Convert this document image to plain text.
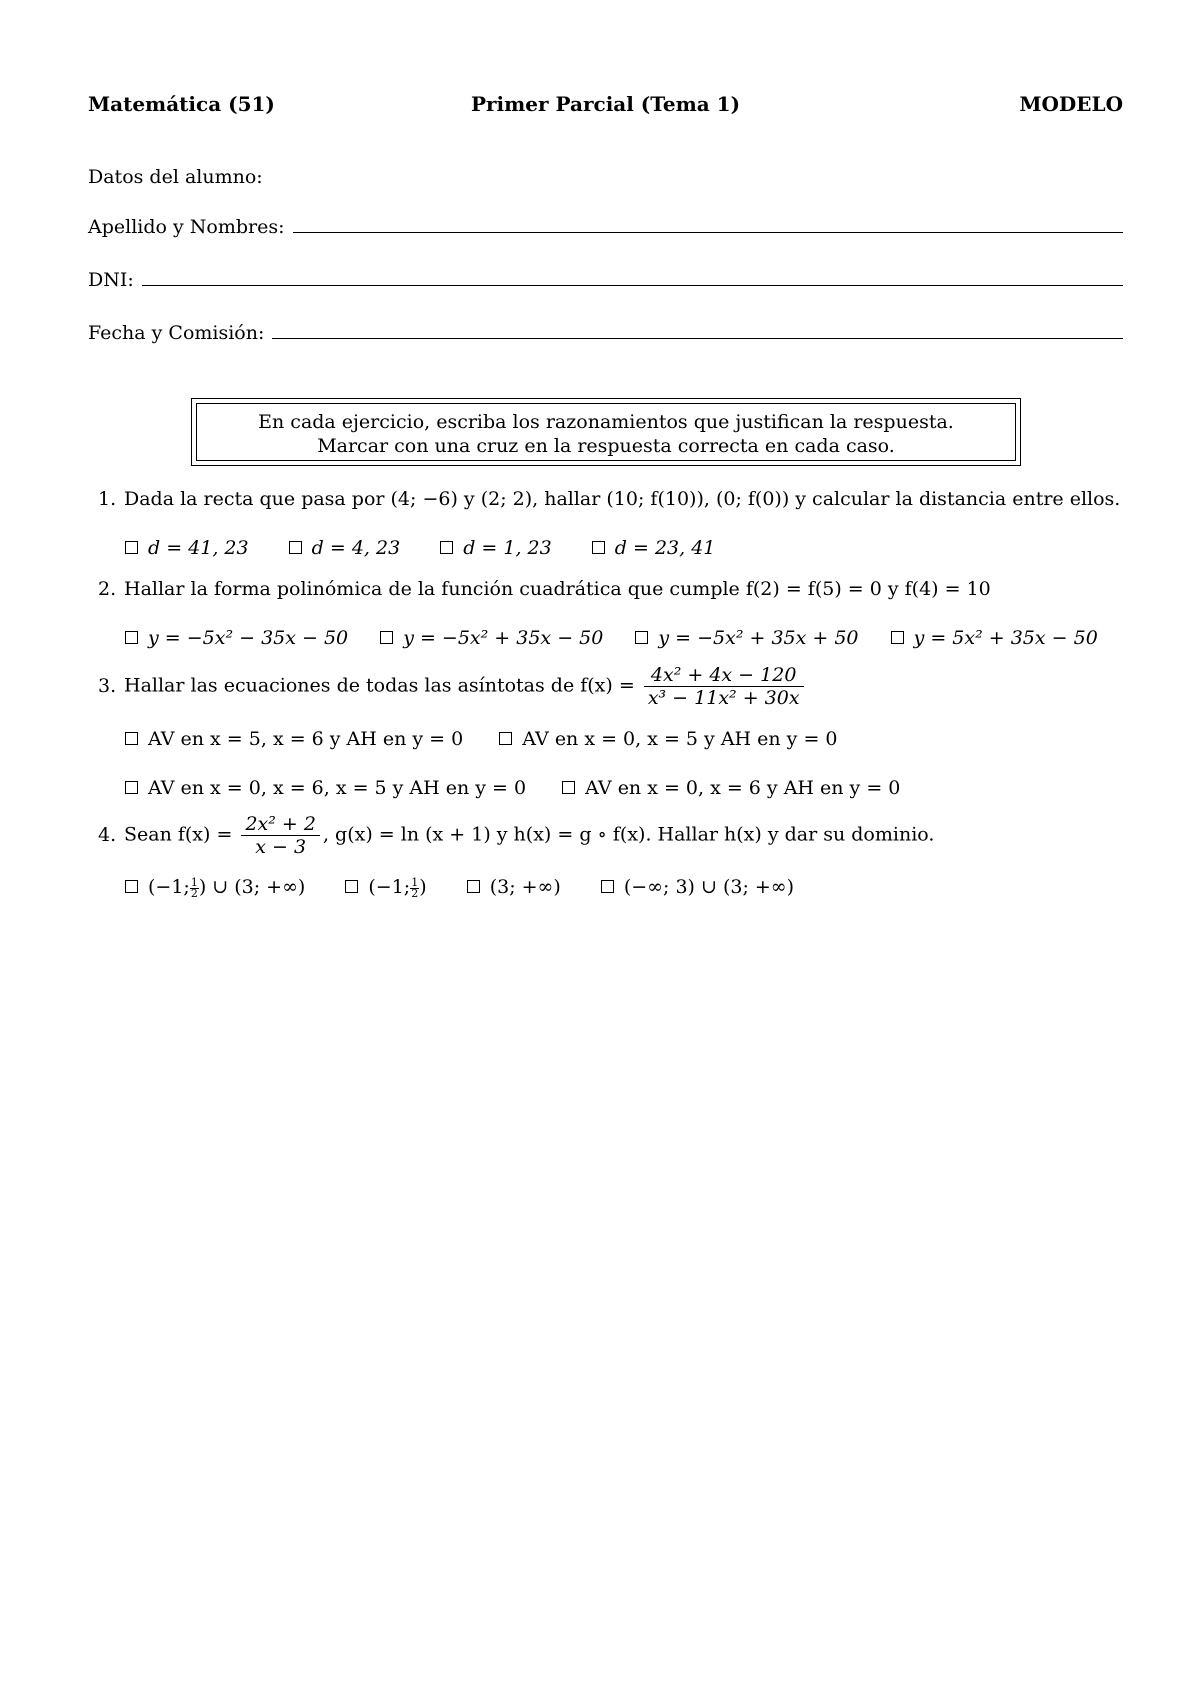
Matemática (51)	Primer Parcial (Tema 1)	MODELO
Datos del alumno:
Apellido y Nombres:
DNI:
Fecha y Comisión:
En cada ejercicio, escriba los razonamientos que justifican la respuesta.
Marcar con una cruz en la respuesta correcta en cada caso.
1. Dada la recta que pasa por (4; −6) y (2; 2), hallar (10; f(10)), (0; f(0)) y calcular la distancia entre ellos.
d = 41, 23	d = 4, 23	d = 1, 23	d = 23, 41
2. Hallar la forma polinómica de la función cuadrática que cumple f(2) = f(5) = 0 y f(4) = 10
y = −5x² − 35x − 50	y = −5x² + 35x − 50	y = −5x² + 35x + 50	y = 5x² + 35x − 50
3. Hallar las ecuaciones de todas las asíntotas de $f(x) = \frac{\text{4x² + 4x − 120}}{\text{x³ − 11x² + 30x}}$
AV en x = 5, x = 6 y AH en y = 0	AV en x = 0, x = 5 y AH en y = 0
AV en x = 0, x = 6, x = 5 y AH en y = 0	AV en x = 0, x = 6 y AH en y = 0
4. Sean $f(x) = \frac{\text{2x² + 2}}{x - 3}$ , g(x) = ln (x + 1) y h(x) = g ∘ f(x). Hallar h(x) y dar su dominio.
(−1; $\frac{1}{2}$ ) ∪ (3; +∞)	(−1; $\frac{1}{2}$ )	(3; +∞)	(−∞; 3) ∪ (3; +∞)
